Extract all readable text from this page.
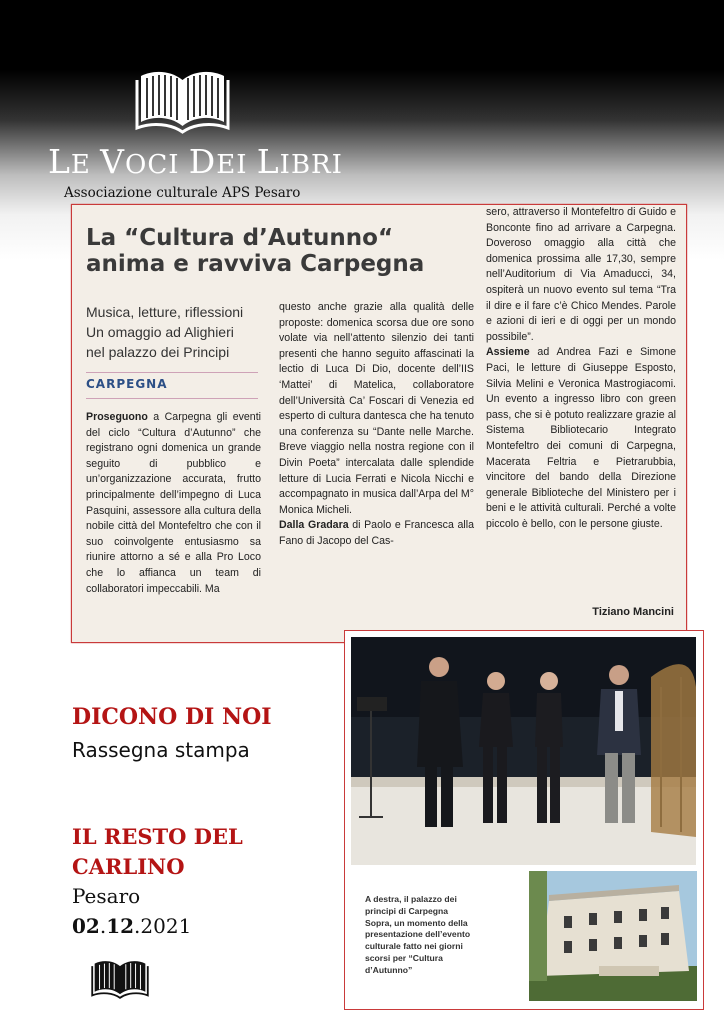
LE VOCI DEI LIBRI
Associazione culturale APS Pesaro
La “Cultura d’Autunno“
anima e ravviva Carpegna
Musica, letture, riflessioni
Un omaggio ad Alighieri
nel palazzo dei Principi
CARPEGNA

Proseguono a Carpegna gli eventi del ciclo “Cultura d’Autunno” che registrano ogni domenica un grande seguito di pubblico e un’organizzazione accurata, frutto principalmente dell’impegno di Luca Pasquini, assessore alla cultura della nobile città del Montefeltro che con il suo coinvolgente entusiasmo sa riunire attorno a sé e alla Pro Loco che lo affianca un team di collaboratori impeccabili. Ma

questo anche grazie alla qualità delle proposte: domenica scorsa due ore sono volate via nell’attento silenzio dei tanti presenti che hanno seguito affascinati la lectio di Luca Di Dio, docente dell’IIS ‘Mattei’ di Matelica, collaboratore dell’Università Ca’ Foscari di Venezia ed esperto di cultura dantesca che ha tenuto una conferenza su “Dante nelle Marche. Breve viaggio nella nostra regione con il Divin Poeta” intercalata dalle splendide letture di Lucia Ferrati e Nicola Nicchi e accompagnato in musica dall’Arpa del M° Monica Micheli.

Dalla Gradara di Paolo e Francesca alla Fano di Jacopo del Cas-

sero, attraverso il Montefeltro di Guido e Bonconte fino ad arrivare a Carpegna. Doveroso omaggio alla città che domenica prossima alle 17,30, sempre nell’Auditorium di Via Amaducci, 34, ospiterà un nuovo evento sul tema “Tra il dire e il fare c’è Chico Mendes. Parole e azioni di ieri e di oggi per un mondo possibile”.

Assieme ad Andrea Fazi e Simone Paci, le letture di Giuseppe Esposto, Silvia Melini e Veronica Mastrogiacomi. Un evento a ingresso libro con green pass, che si è potuto realizzare grazie al Sistema Bibliotecario Integrato Montefeltro dei comuni di Carpegna, Macerata Feltria e Pietrarubbia, vincitore del bando della Direzione generale Biblioteche del Ministero per i beni e le attività culturali. Perché a volte piccolo è bello, con le persone giuste.

Tiziano Mancini
A destra, il palazzo dei principi di Carpegna Sopra, un momento della presentazione dell’evento culturale fatto nei giorni scorsi per “Cultura d’Autunno”
DICONO DI NOI
Rassegna stampa
IL RESTO DEL
CARLINO
Pesaro
02.12.2021
